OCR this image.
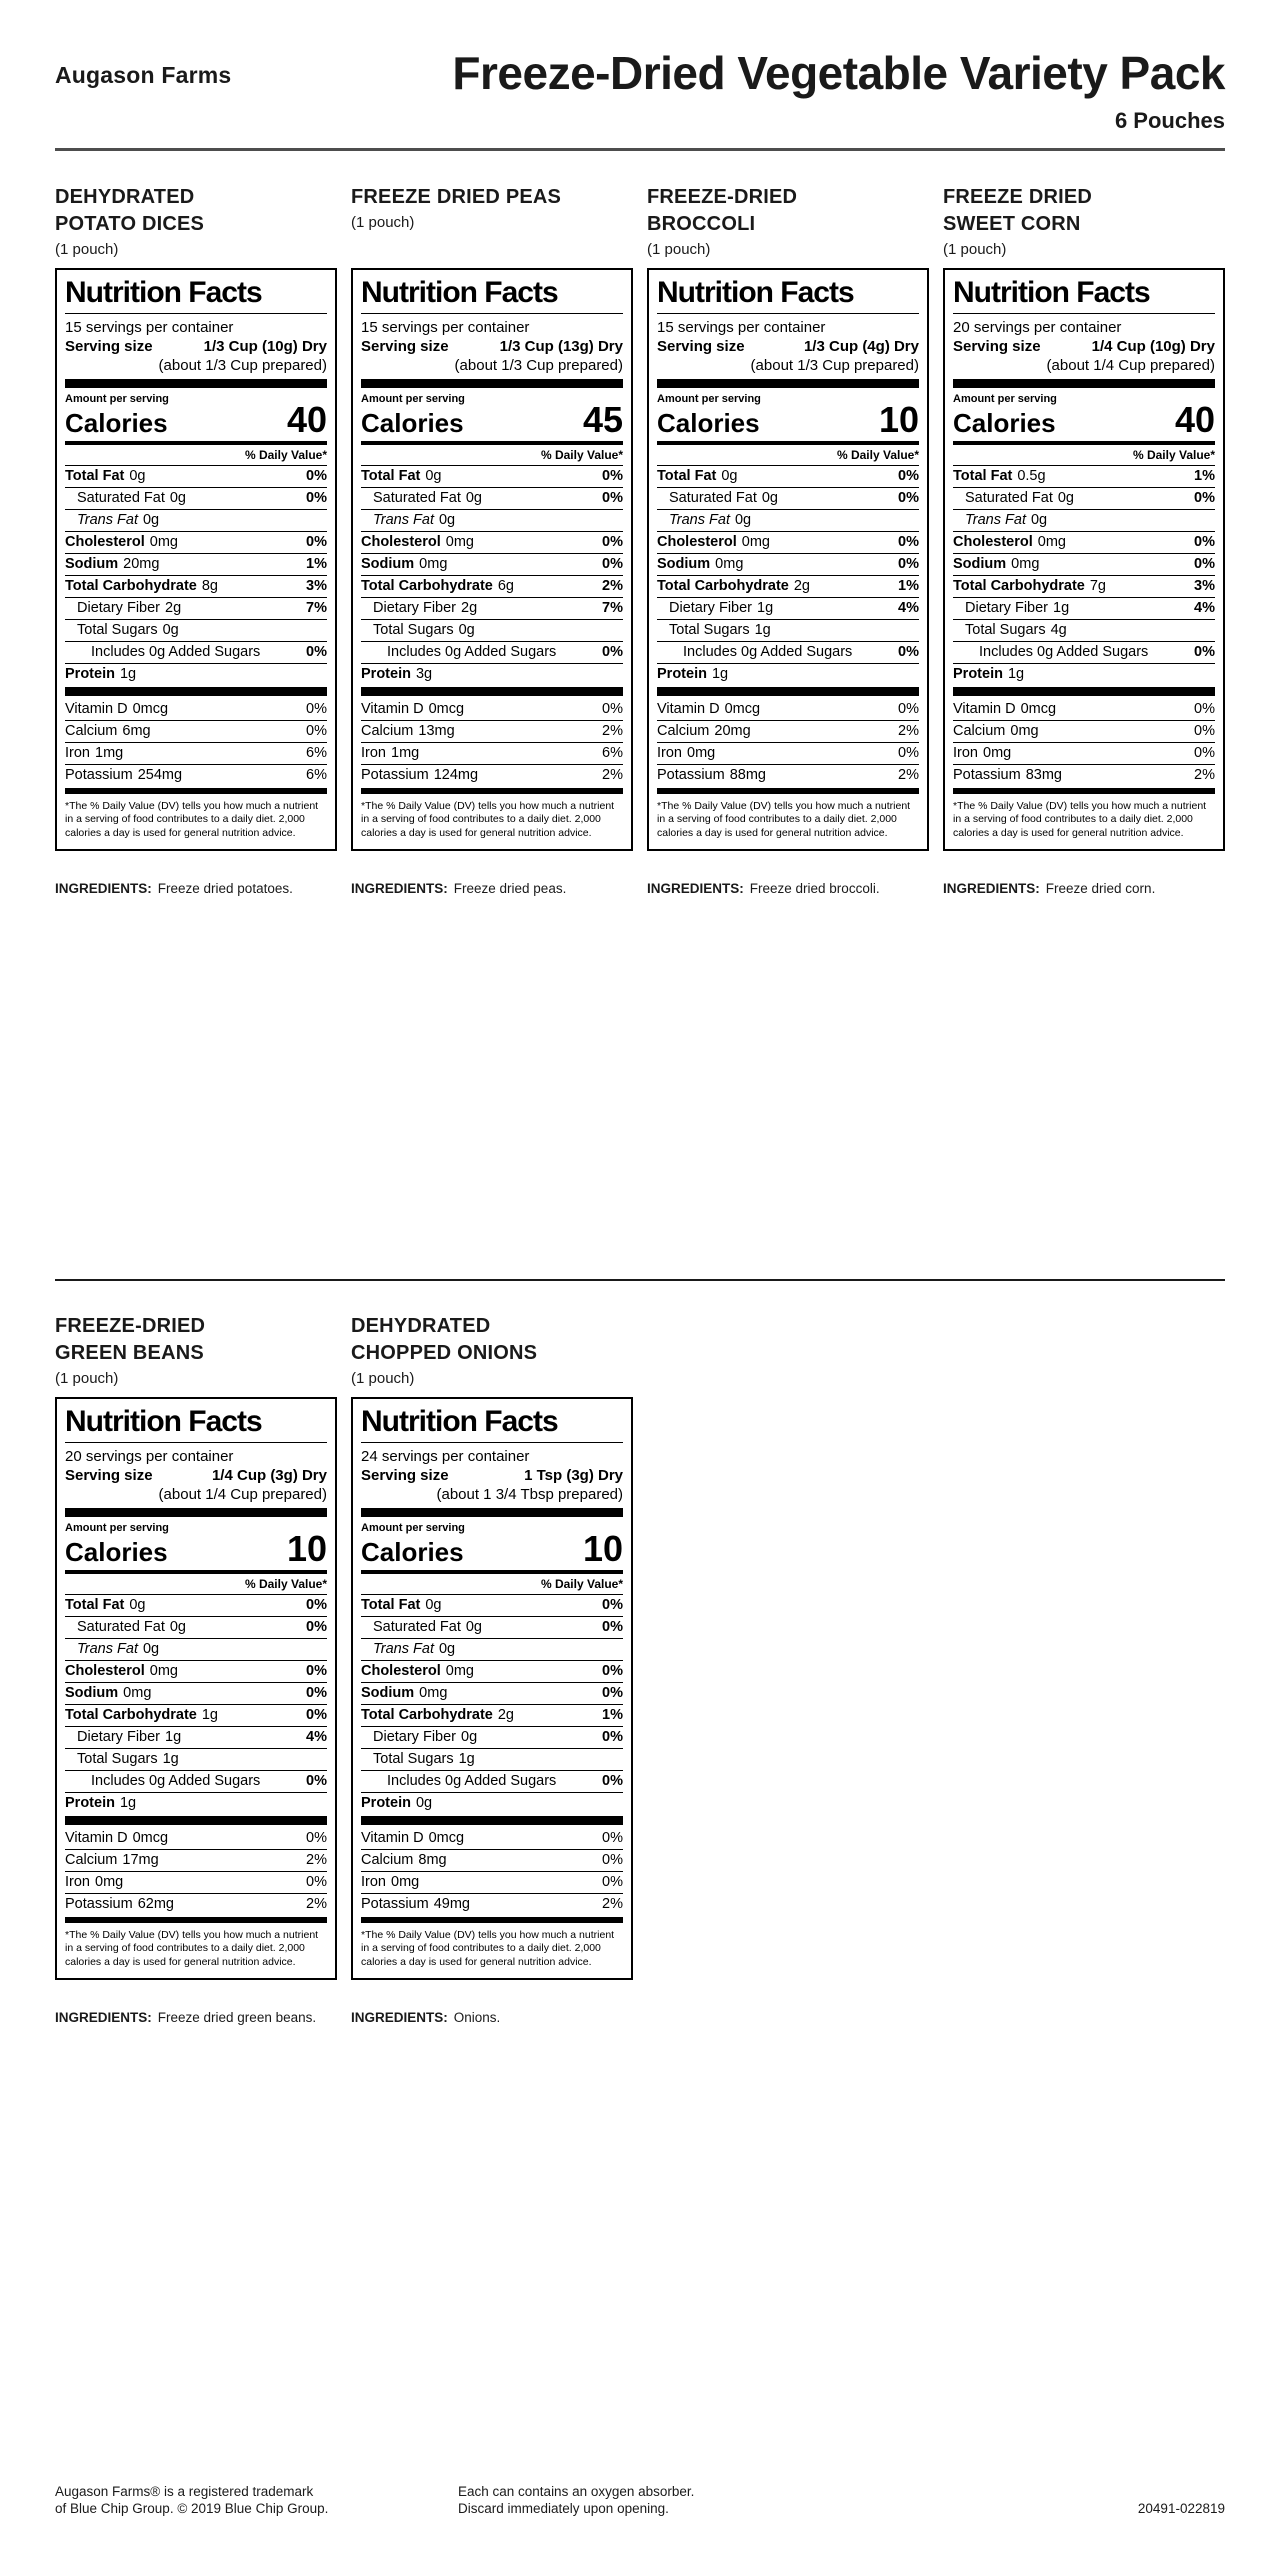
Augason Farms	Freeze-Dried Vegetable Variety Pack
6 Pouches
DEHYDRATED
POTATO DICES
(1 pouch)
Nutrition Facts
15 servings per container
Serving size	1/3 Cup (10g) Dry
(about 1/3 Cup prepared)
Amount per serving
Calories	40
% Daily Value*
Total Fat 0g	0%
Saturated Fat 0g	0%
Trans Fat 0g
Cholesterol 0mg	0%
Sodium 20mg	1%
Total Carbohydrate 8g	3%
Dietary Fiber 2g	7%
Total Sugars 0g
Includes 0g Added Sugars	0%
Protein 1g
Vitamin D 0mcg	0%
Calcium 6mg	0%
Iron 1mg	6%
Potassium 254mg	6%
*The % Daily Value (DV) tells you how much a nutrient in a serving of food contributes to a daily diet. 2,000 calories a day is used for general nutrition advice.
INGREDIENTS: Freeze dried potatoes.
FREEZE DRIED PEAS
(1 pouch)
Nutrition Facts
15 servings per container
Serving size	1/3 Cup (13g) Dry
(about 1/3 Cup prepared)
Amount per serving
Calories	45
% Daily Value*
Total Fat 0g	0%
Saturated Fat 0g	0%
Trans Fat 0g
Cholesterol 0mg	0%
Sodium 0mg	0%
Total Carbohydrate 6g	2%
Dietary Fiber 2g	7%
Total Sugars 0g
Includes 0g Added Sugars	0%
Protein 3g
Vitamin D 0mcg	0%
Calcium 13mg	2%
Iron 1mg	6%
Potassium 124mg	2%
*The % Daily Value (DV) tells you how much a nutrient in a serving of food contributes to a daily diet. 2,000 calories a day is used for general nutrition advice.
INGREDIENTS: Freeze dried peas.
FREEZE-DRIED
BROCCOLI
(1 pouch)
Nutrition Facts
15 servings per container
Serving size	1/3 Cup (4g) Dry
(about 1/3 Cup prepared)
Amount per serving
Calories	10
% Daily Value*
Total Fat 0g	0%
Saturated Fat 0g	0%
Trans Fat 0g
Cholesterol 0mg	0%
Sodium 0mg	0%
Total Carbohydrate 2g	1%
Dietary Fiber 1g	4%
Total Sugars 1g
Includes 0g Added Sugars	0%
Protein 1g
Vitamin D 0mcg	0%
Calcium 20mg	2%
Iron 0mg	0%
Potassium 88mg	2%
*The % Daily Value (DV) tells you how much a nutrient in a serving of food contributes to a daily diet. 2,000 calories a day is used for general nutrition advice.
INGREDIENTS: Freeze dried broccoli.
FREEZE DRIED
SWEET CORN
(1 pouch)
Nutrition Facts
20 servings per container
Serving size	1/4 Cup (10g) Dry
(about 1/4 Cup prepared)
Amount per serving
Calories	40
% Daily Value*
Total Fat 0.5g	1%
Saturated Fat 0g	0%
Trans Fat 0g
Cholesterol 0mg	0%
Sodium 0mg	0%
Total Carbohydrate 7g	3%
Dietary Fiber 1g	4%
Total Sugars 4g
Includes 0g Added Sugars	0%
Protein 1g
Vitamin D 0mcg	0%
Calcium 0mg	0%
Iron 0mg	0%
Potassium 83mg	2%
*The % Daily Value (DV) tells you how much a nutrient in a serving of food contributes to a daily diet. 2,000 calories a day is used for general nutrition advice.
INGREDIENTS: Freeze dried corn.
FREEZE-DRIED
GREEN BEANS
(1 pouch)
Nutrition Facts
20 servings per container
Serving size	1/4 Cup (3g) Dry
(about 1/4 Cup prepared)
Amount per serving
Calories	10
% Daily Value*
Total Fat 0g	0%
Saturated Fat 0g	0%
Trans Fat 0g
Cholesterol 0mg	0%
Sodium 0mg	0%
Total Carbohydrate 1g	0%
Dietary Fiber 1g	4%
Total Sugars 1g
Includes 0g Added Sugars	0%
Protein 1g
Vitamin D 0mcg	0%
Calcium 17mg	2%
Iron 0mg	0%
Potassium 62mg	2%
*The % Daily Value (DV) tells you how much a nutrient in a serving of food contributes to a daily diet. 2,000 calories a day is used for general nutrition advice.
INGREDIENTS: Freeze dried green beans.
DEHYDRATED
CHOPPED ONIONS
(1 pouch)
Nutrition Facts
24 servings per container
Serving size	1 Tsp (3g) Dry
(about 1 3/4 Tbsp prepared)
Amount per serving
Calories	10
% Daily Value*
Total Fat 0g	0%
Saturated Fat 0g	0%
Trans Fat 0g
Cholesterol 0mg	0%
Sodium 0mg	0%
Total Carbohydrate 2g	1%
Dietary Fiber 0g	0%
Total Sugars 1g
Includes 0g Added Sugars	0%
Protein 0g
Vitamin D 0mcg	0%
Calcium 8mg	0%
Iron 0mg	0%
Potassium 49mg	2%
*The % Daily Value (DV) tells you how much a nutrient in a serving of food contributes to a daily diet. 2,000 calories a day is used for general nutrition advice.
INGREDIENTS: Onions.
Augason Farms® is a registered trademark
of Blue Chip Group. © 2019 Blue Chip Group.
Each can contains an oxygen absorber.
Discard immediately upon opening.	20491-022819
